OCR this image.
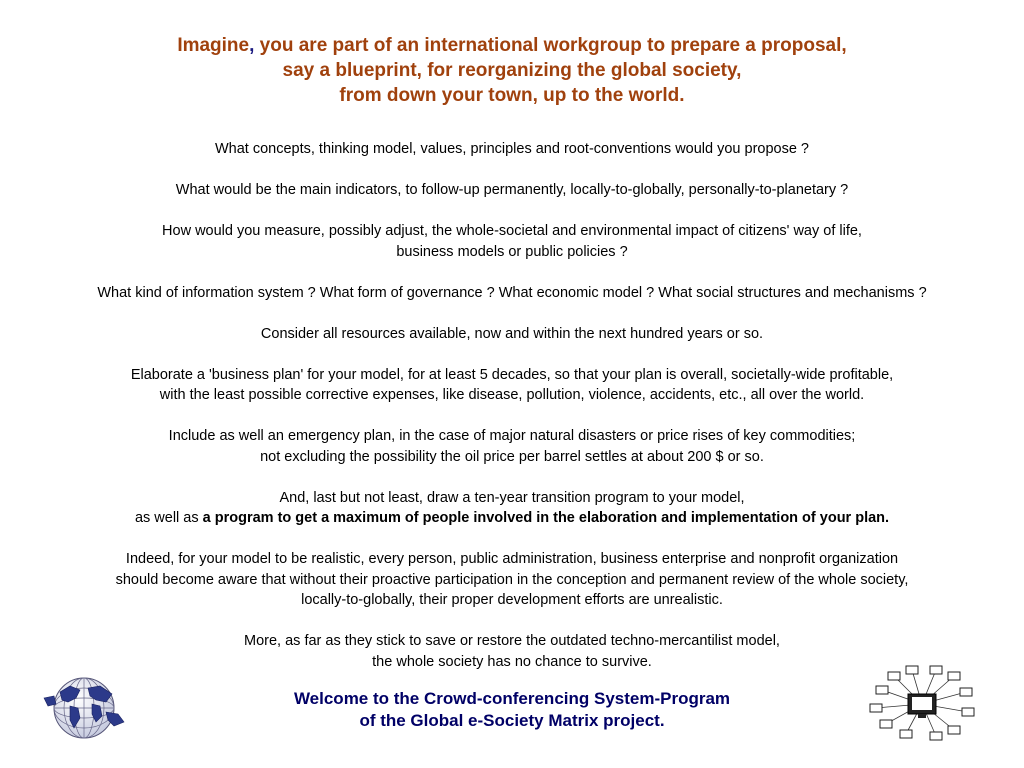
Imagine, you are part of an international workgroup to prepare a proposal,
say a blueprint, for reorganizing the global society,
from down your town, up to the world.
What concepts, thinking model, values, principles and root-conventions would you propose ?
What would be the main indicators, to follow-up permanently, locally-to-globally, personally-to-planetary ?
How would you measure, possibly adjust, the whole-societal and environmental impact of citizens' way of life,
business models or public policies ?
What kind of information system ? What form of governance ? What economic model ? What social structures and mechanisms ?
Consider all resources available, now and within the next hundred years or so.
Elaborate a 'business plan' for your model, for at least 5 decades, so that your plan is overall, societally-wide profitable,
with the least possible corrective expenses, like disease, pollution, violence, accidents, etc., all over the world.
Include as well an emergency plan, in the case of major natural disasters or price rises of key commodities;
not excluding the possibility the oil price per barrel settles at about 200 $ or so.
And, last but not least, draw a ten-year transition program to your model,
as well as a program to get a maximum of people involved in the elaboration and implementation of your plan.
Indeed, for your model to be realistic, every person, public administration, business enterprise and nonprofit organization
should become aware that without their proactive participation in the conception and permanent review of the whole society,
locally-to-globally, their proper development efforts are unrealistic.
More, as far as they stick to save or restore the outdated techno-mercantilist model,
the whole society has no chance to survive.
Welcome to the Crowd-conferencing System-Program
of the Global e-Society Matrix project.
